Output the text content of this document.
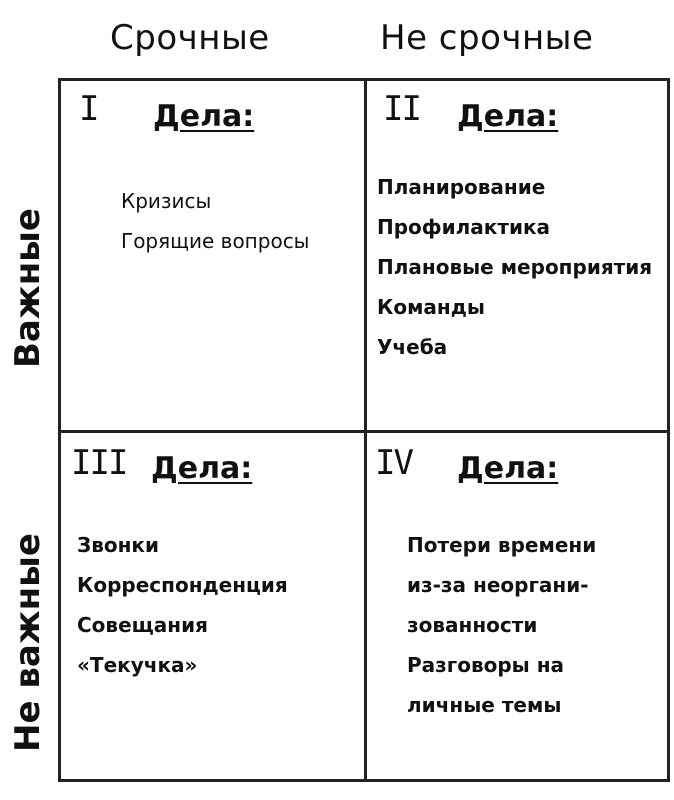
Срочные	Не срочные
Важные
Не важные
I Дела:
Кризисы
Горящие вопросы
II Дела:
Планирование
Профилактика
Плановые мероприятия
Команды
Учеба
III Дела:
Звонки
Корреспонденция
Совещания
«Текучка»
IV Дела:
Потери времени
из-за неоргани-
зованности
Разговоры на
личные темы
